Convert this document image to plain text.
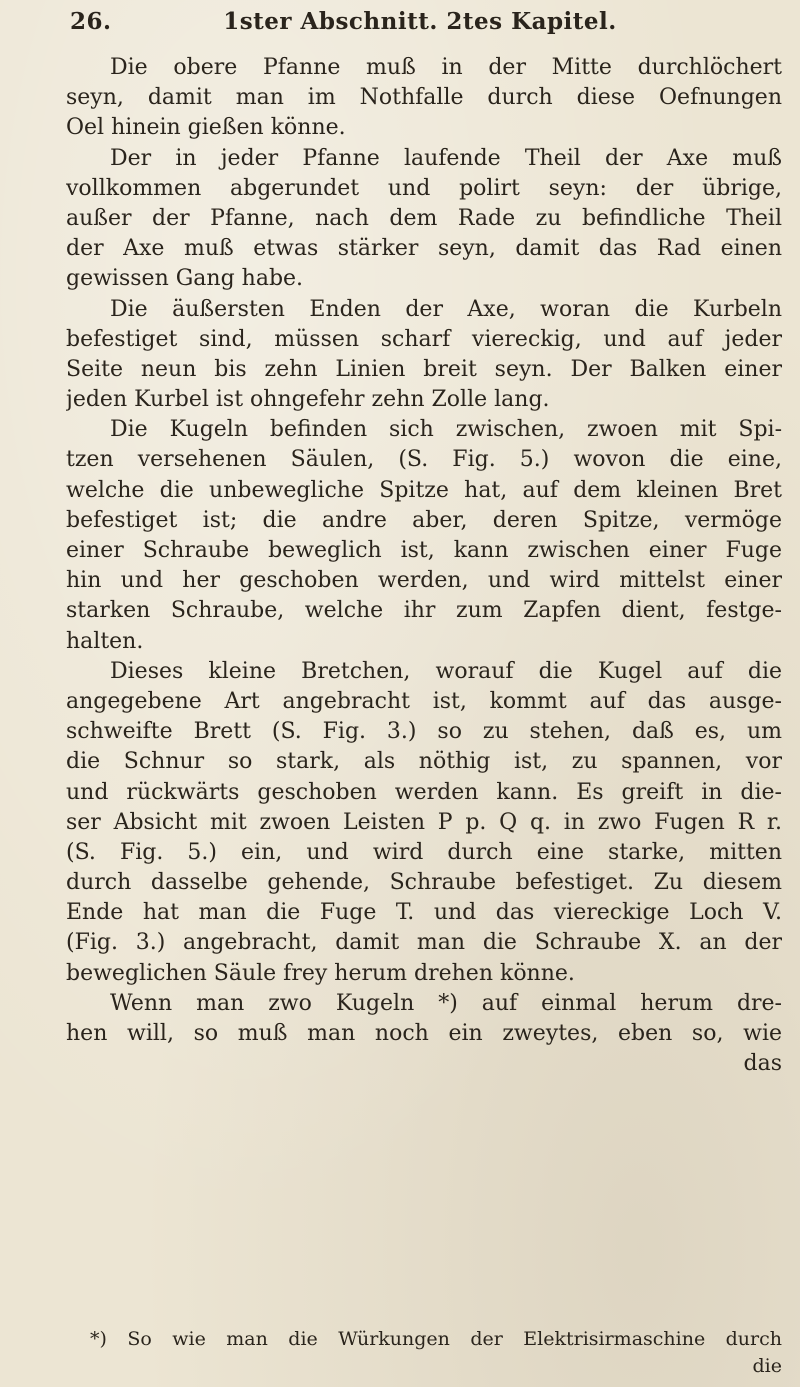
26.	1ster Abschnitt. 2tes Kapitel.
Die obere Pfanne muß in der Mitte durchlöchert
seyn, damit man im Nothfalle durch diese Oefnungen
Oel hinein gießen könne.
Der in jeder Pfanne laufende Theil der Axe muß
vollkommen abgerundet und polirt seyn: der übrige,
außer der Pfanne, nach dem Rade zu befindliche Theil
der Axe muß etwas stärker seyn, damit das Rad einen
gewissen Gang habe.
Die äußersten Enden der Axe, woran die Kurbeln
befestiget sind, müssen scharf viereckig, und auf jeder
Seite neun bis zehn Linien breit seyn. Der Balken einer
jeden Kurbel ist ohngefehr zehn Zolle lang.
Die Kugeln befinden sich zwischen, zwoen mit Spi-
tzen versehenen Säulen, (S. Fig. 5.) wovon die eine,
welche die unbewegliche Spitze hat, auf dem kleinen Bret
befestiget ist; die andre aber, deren Spitze, vermöge
einer Schraube beweglich ist, kann zwischen einer Fuge
hin und her geschoben werden, und wird mittelst einer
starken Schraube, welche ihr zum Zapfen dient, festge-
halten.
Dieses kleine Bretchen, worauf die Kugel auf die
angegebene Art angebracht ist, kommt auf das ausge-
schweifte Brett (S. Fig. 3.) so zu stehen, daß es, um
die Schnur so stark, als nöthig ist, zu spannen, vor
und rückwärts geschoben werden kann. Es greift in die-
ser Absicht mit zwoen Leisten P p. Q q. in zwo Fugen R r.
(S. Fig. 5.) ein, und wird durch eine starke, mitten
durch dasselbe gehende, Schraube befestiget. Zu diesem
Ende hat man die Fuge T. und das viereckige Loch V.
(Fig. 3.) angebracht, damit man die Schraube X. an der
beweglichen Säule frey herum drehen könne.
Wenn man zwo Kugeln *) auf einmal herum dre-
hen will, so muß man noch ein zweytes, eben so, wie
das
*) So wie man die Würkungen der Elektrisirmaschine durch
die
